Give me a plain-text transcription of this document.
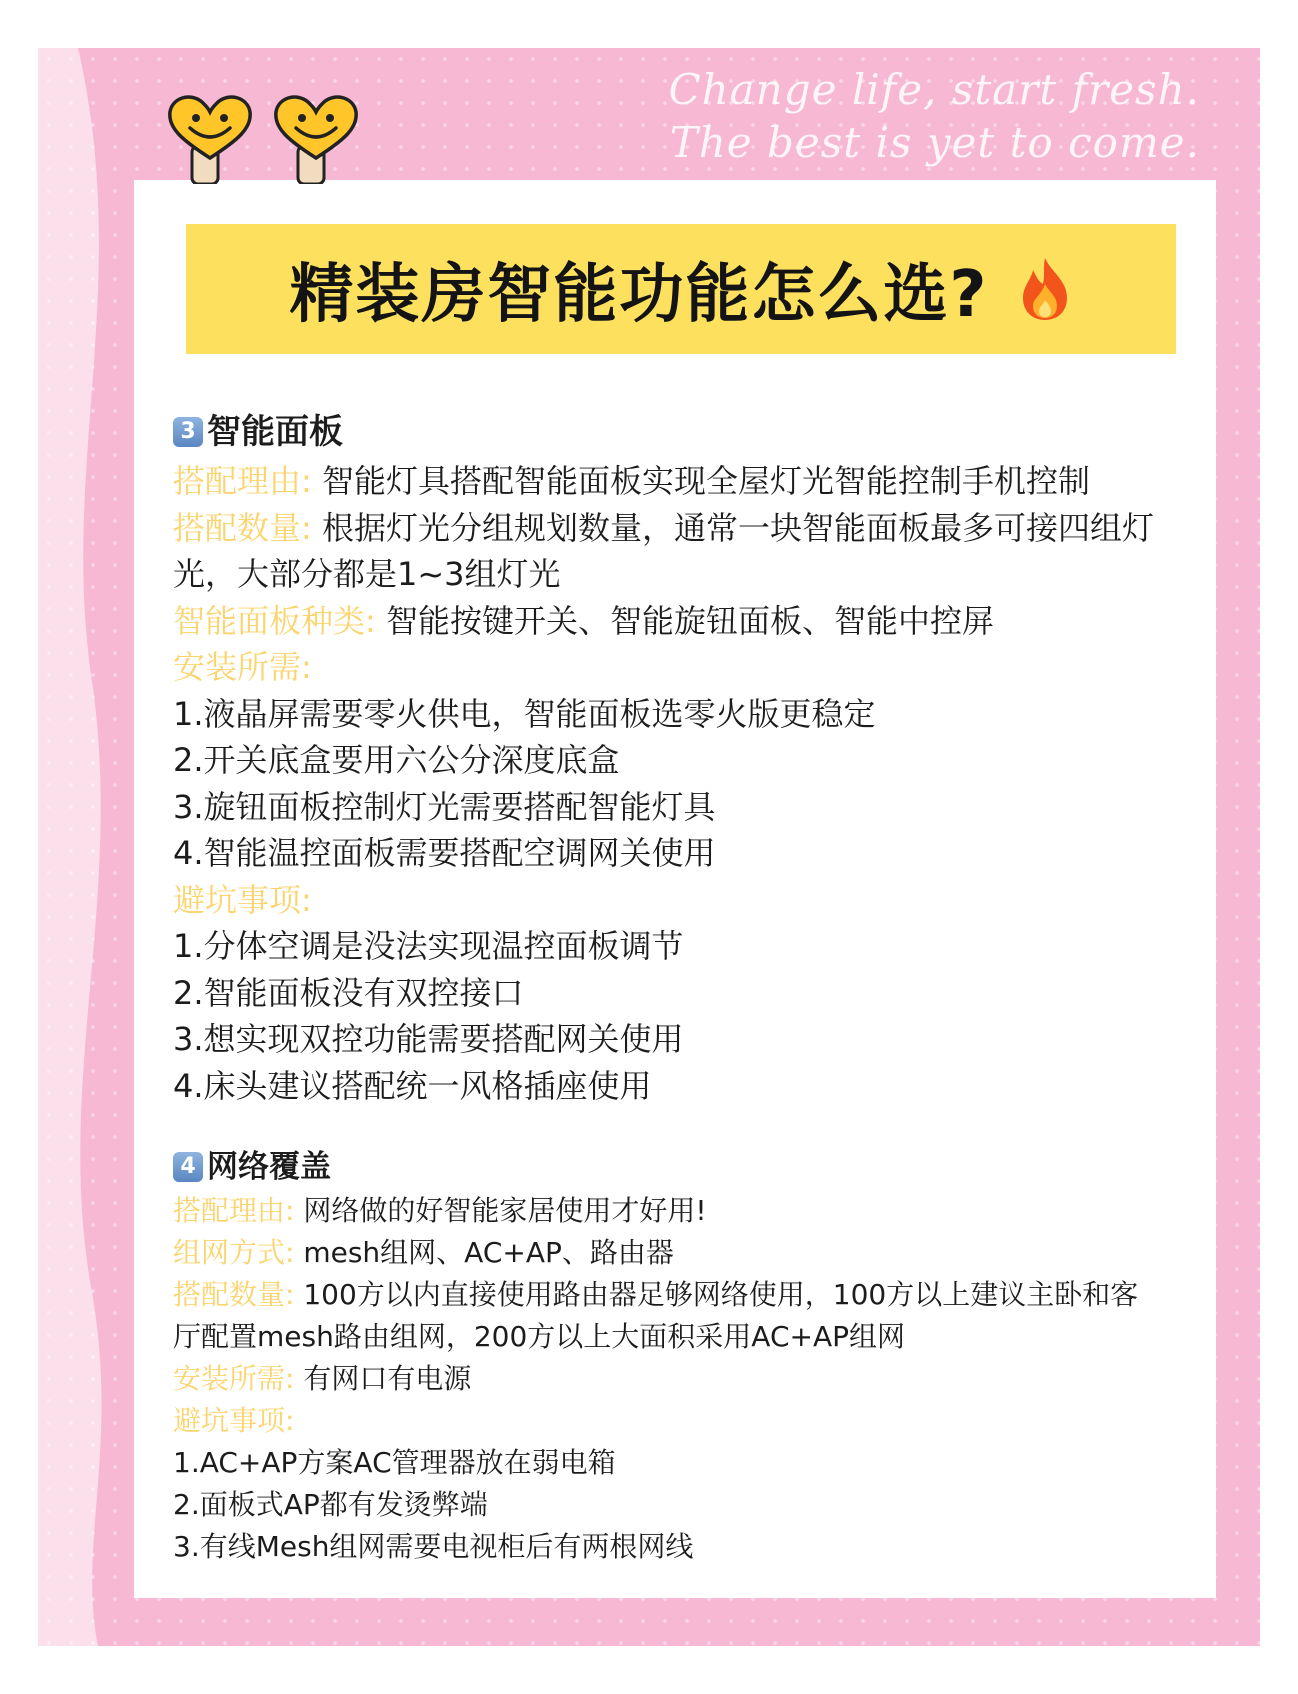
Change life, start fresh.
The best is yet to come.
精装房智能功能怎么选?
3 智能面板
搭配理由: 智能灯具搭配智能面板实现全屋灯光智能控制手机控制
搭配数量: 根据灯光分组规划数量，通常一块智能面板最多可接四组灯
光，大部分都是1~3组灯光
智能面板种类: 智能按键开关、智能旋钮面板、智能中控屏
安装所需:
1.液晶屏需要零火供电，智能面板选零火版更稳定
2.开关底盒要用六公分深度底盒
3.旋钮面板控制灯光需要搭配智能灯具
4.智能温控面板需要搭配空调网关使用
避坑事项:
1.分体空调是没法实现温控面板调节
2.智能面板没有双控接口
3.想实现双控功能需要搭配网关使用
4.床头建议搭配统一风格插座使用
4 网络覆盖
搭配理由: 网络做的好智能家居使用才好用!
组网方式: mesh组网、AC+AP、路由器
搭配数量: 100方以内直接使用路由器足够网络使用，100方以上建议主卧和客
厅配置mesh路由组网，200方以上大面积采用AC+AP组网
安装所需: 有网口有电源
避坑事项:
1.AC+AP方案AC管理器放在弱电箱
2.面板式AP都有发烫弊端
3.有线Mesh组网需要电视柜后有两根网线
